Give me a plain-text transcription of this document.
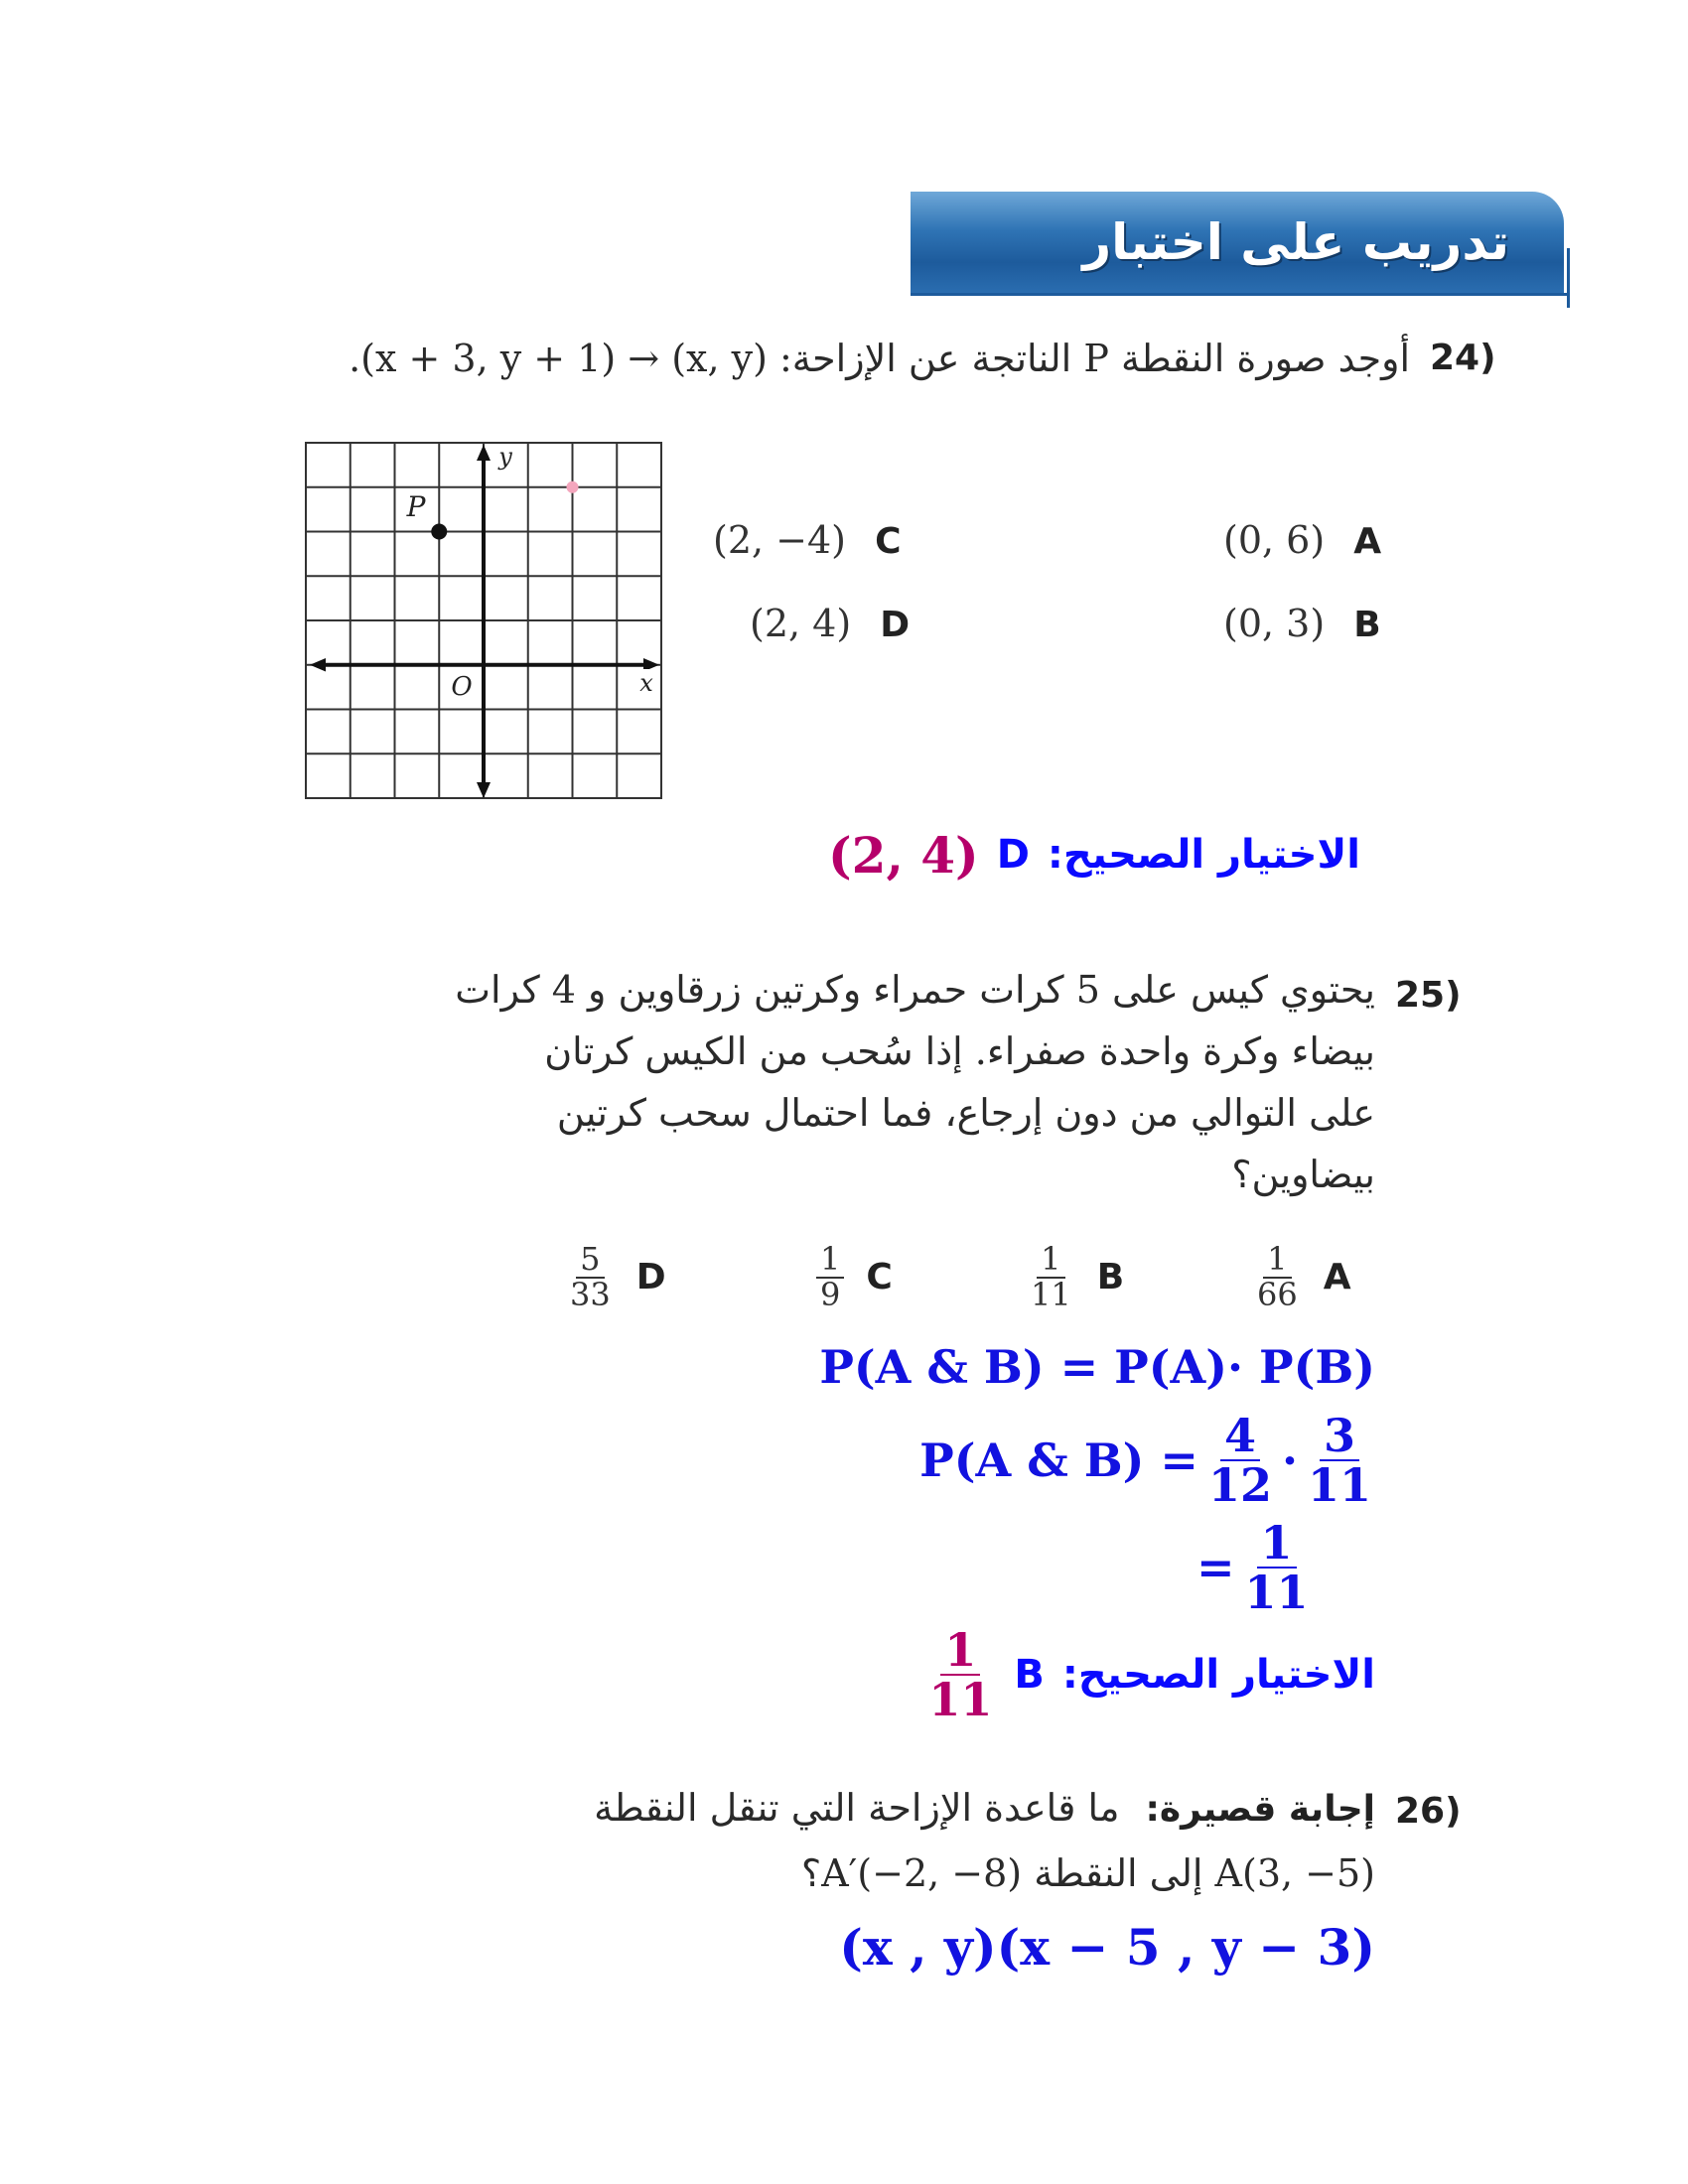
تدريب على اختبار
24)
أوجد صورة النقطة P الناتجة عن الإزاحة: (x, y) → (x + 3, y + 1).
y
x
O
P
(0, 6) A
(0, 3) B
(2, −4) C
(2, 4) D
الاختيار الصحيح:
D
(2, 4)
25)
يحتوي كيس على 5 كرات حمراء وكرتين زرقاوين و 4 كرات
بيضاء وكرة واحدة صفراء. إذا سُحب من الكيس كرتان
على التوالي من دون إرجاع، فما احتمال سحب كرتين
بيضاوين؟
$\frac{1}{66}$ A
$\frac{1}{11}$ B
$\frac{1}{9}$ C
$\frac{5}{33}$ D
P(A & B) = P(A)· P(B)
P(A & $B) = \frac{4}{12} \cdot \frac{3}{11}$
= $\frac{1}{11}$
الاختيار الصحيح:
B
$\frac{1}{11}$
26)
إجابة قصيرة: ما قاعدة الإزاحة التي تنقل النقطة
A(3, −5) إلى النقطة A′(−2, −8)؟
(x , y)(x − 5 , y − 3)
